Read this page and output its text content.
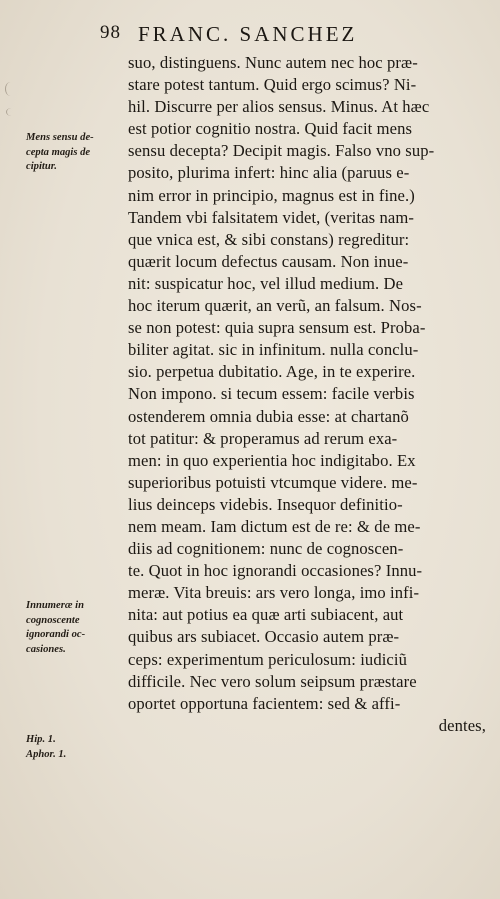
98 FRANC. SANCHEZ
Mens sensu de-
cepta magis de
cipitur.
Innumeræ in
cognoscente
ignorandi oc-
casiones.
Hip. 1.
Aphor. 1.
suo, distinguens. Nunc autem nec hoc præ-
stare potest tantum. Quid ergo scimus? Ni-
hil. Discurre per alios sensus. Minus. At hæc
est potior cognitio nostra. Quid facit mens
sensu decepta? Decipit magis. Falso vno sup-
posito, plurima infert: hinc alia (paruus e-
nim error in principio, magnus est in fine.)
Tandem vbi falsitatem videt, (veritas nam-
que vnica est, & sibi constans) regreditur:
quærit locum defectus causam. Non inue-
nit: suspicatur hoc, vel illud medium. De
hoc iterum quærit, an verũ, an falsum. Nos-
se non potest: quia supra sensum est. Proba-
biliter agitat. sic in infinitum. nulla conclu-
sio. perpetua dubitatio. Age, in te experire.
Non impono. si tecum essem: facile verbis
ostenderem omnia dubia esse: at chartanõ
tot patitur: & properamus ad rerum exa-
men: in quo experientia hoc indigitabo. Ex
superioribus potuisti vtcumque videre. me-
lius deinceps videbis. Insequor definitio-
nem meam. Iam dictum est de re: & de me-
diis ad cognitionem: nunc de cognoscen-
te. Quot in hoc ignorandi occasiones? Innu-
meræ. Vita breuis: ars vero longa, imo infi-
nita: aut potius ea quæ arti subiacent, aut
quibus ars subiacet. Occasio autem præ-
ceps: experimentum periculosum: iudiciũ
difficile. Nec vero solum seipsum præstare
oportet opportuna facientem: sed & affi-
dentes,
